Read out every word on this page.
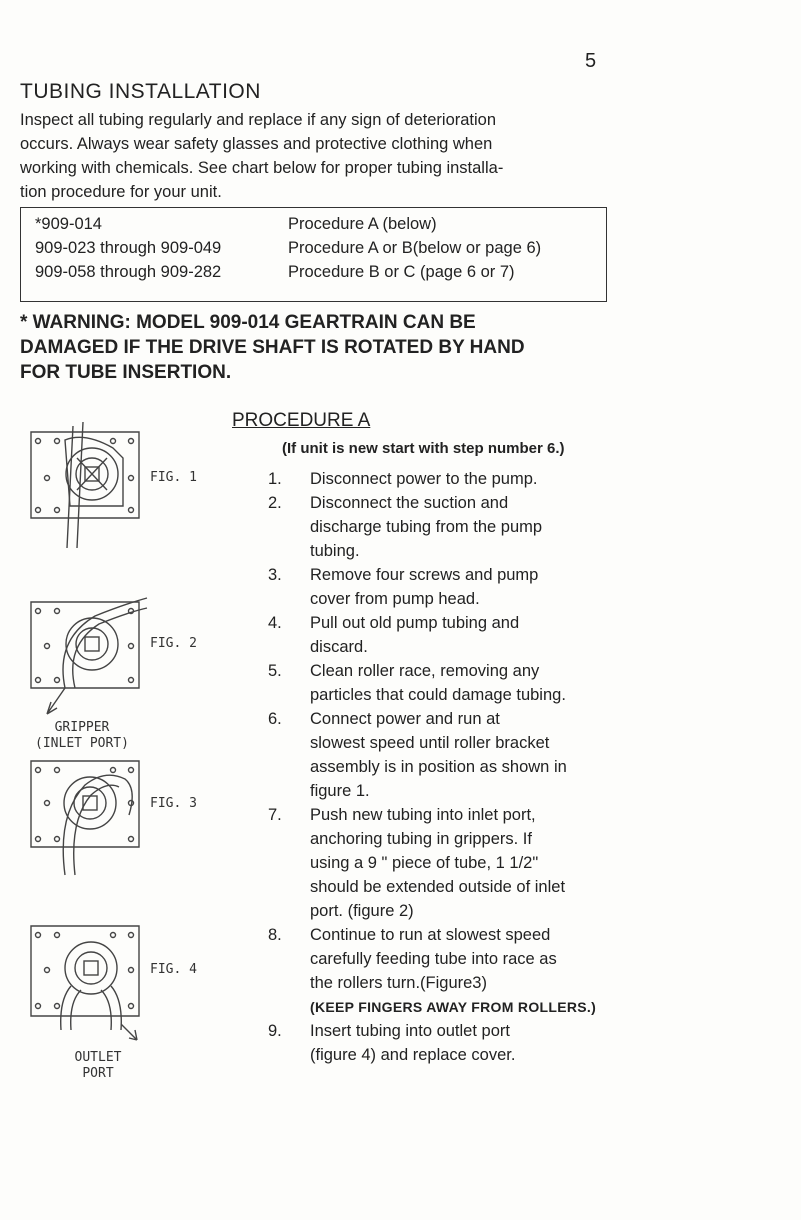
5
TUBING INSTALLATION
Inspect all tubing regularly and replace if any sign of deterioration
occurs. Always wear safety glasses and protective clothing when
working with chemicals. See chart below for proper tubing installa-
tion procedure for your unit.
*909-014	Procedure A (below)
909-023 through 909-049	Procedure A or B(below or page 6)
909-058 through 909-282	Procedure B or C (page 6 or 7)
* WARNING: MODEL 909-014 GEARTRAIN CAN BE
DAMAGED IF THE DRIVE SHAFT IS ROTATED BY HAND
FOR TUBE INSERTION.
PROCEDURE A
(If unit is new start with step number 6.)
1. Disconnect power to the pump.
2. Disconnect the suction and
discharge tubing from the pump
tubing.
3. Remove four screws and pump
cover from pump head.
4. Pull out old pump tubing and
discard.
5. Clean roller race, removing any
particles that could damage tubing.
6. Connect power and run at
slowest speed until roller bracket
assembly is in position as shown in
figure 1.
7. Push new tubing into inlet port,
anchoring tubing in grippers. If
using a 9 " piece of tube, 1 1/2"
should be extended outside of inlet
port. (figure 2)
8. Continue to run at slowest speed
carefully feeding tube into race as
the rollers turn.(Figure3)
(KEEP FINGERS AWAY FROM ROLLERS.)
9. Insert tubing into outlet port
(figure 4) and replace cover.
FIG. 1
FIG. 2
GRIPPER
(INLET PORT)
FIG. 3
FIG. 4
OUTLET
PORT
